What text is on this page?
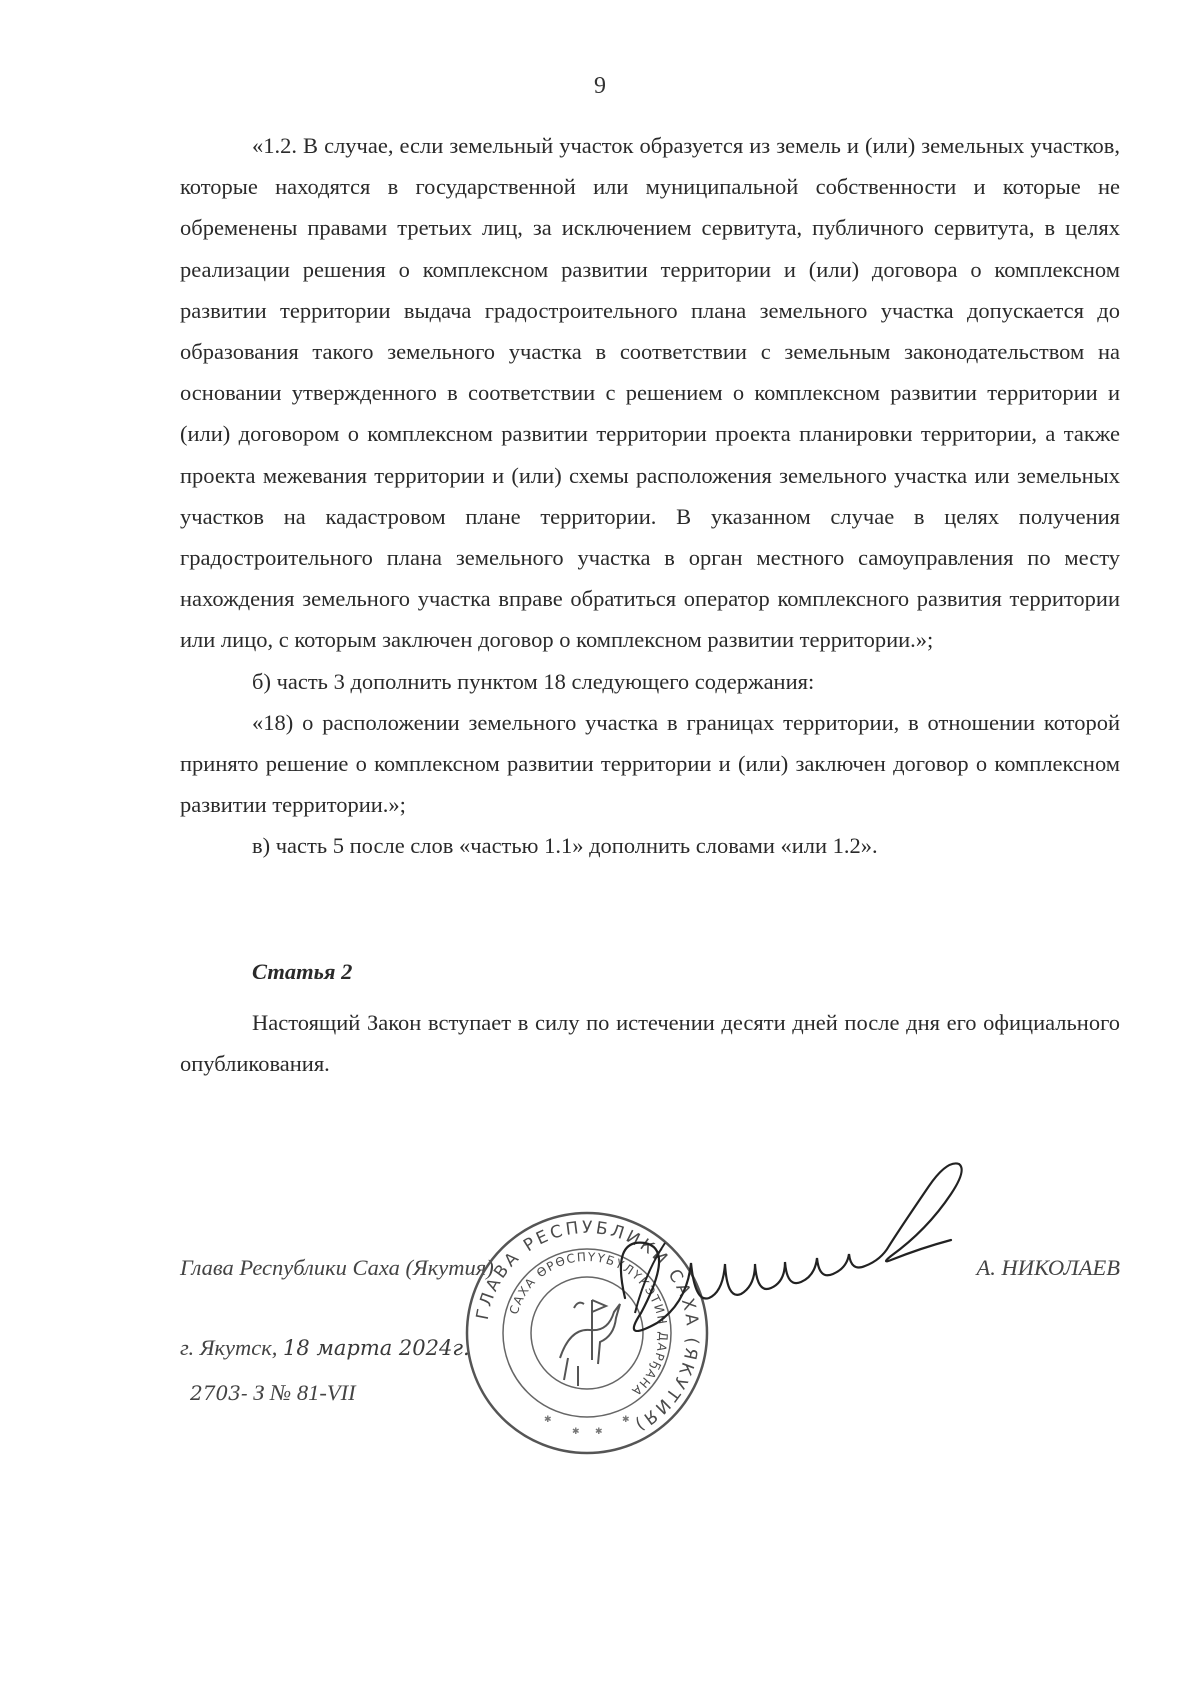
9

«1.2. В случае, если земельный участок образуется из земель и (или) земельных участков, которые находятся в государственной или муниципальной собственности и которые не обременены правами третьих лиц, за исключением сервитута, публичного сервитута, в целях реализации решения о комплексном развитии территории и (или) договора о комплексном развитии территории выдача градостроительного плана земельного участка допускается до образования такого земельного участка в соответствии с земельным законодательством на основании утвержденного в соответствии с решением о комплексном развитии территории и (или) договором о комплексном развитии территории проекта планировки территории, а также проекта межевания территории и (или) схемы расположения земельного участка или земельных участков на кадастровом плане территории. В указанном случае в целях получения градостроительного плана земельного участка в орган местного самоуправления по месту нахождения земельного участка вправе обратиться оператор комплексного развития территории или лицо, с которым заключен договор о комплексном развитии территории.»;

б) часть 3 дополнить пунктом 18 следующего содержания:

«18) о расположении земельного участка в границах территории, в отношении которой принято решение о комплексном развитии территории и (или) заключен договор о комплексном развитии территории.»;

в) часть 5 после слов «частью 1.1» дополнить словами «или 1.2».

Статья 2

Настоящий Закон вступает в силу по истечении десяти дней после дня его официального опубликования.

Глава Республики Саха (Якутия)	А. НИКОЛАЕВ
г. Якутск, 18 марта 2024г.
2703- З № 81-VII
ГЛАВА РЕСПУБЛИКИ САХА (ЯКУТИЯ)
САХА ӨРӨСПҮҮБҮЛҮКЭТИН ДАРҔАНА
✱ ✱
✱	✱
